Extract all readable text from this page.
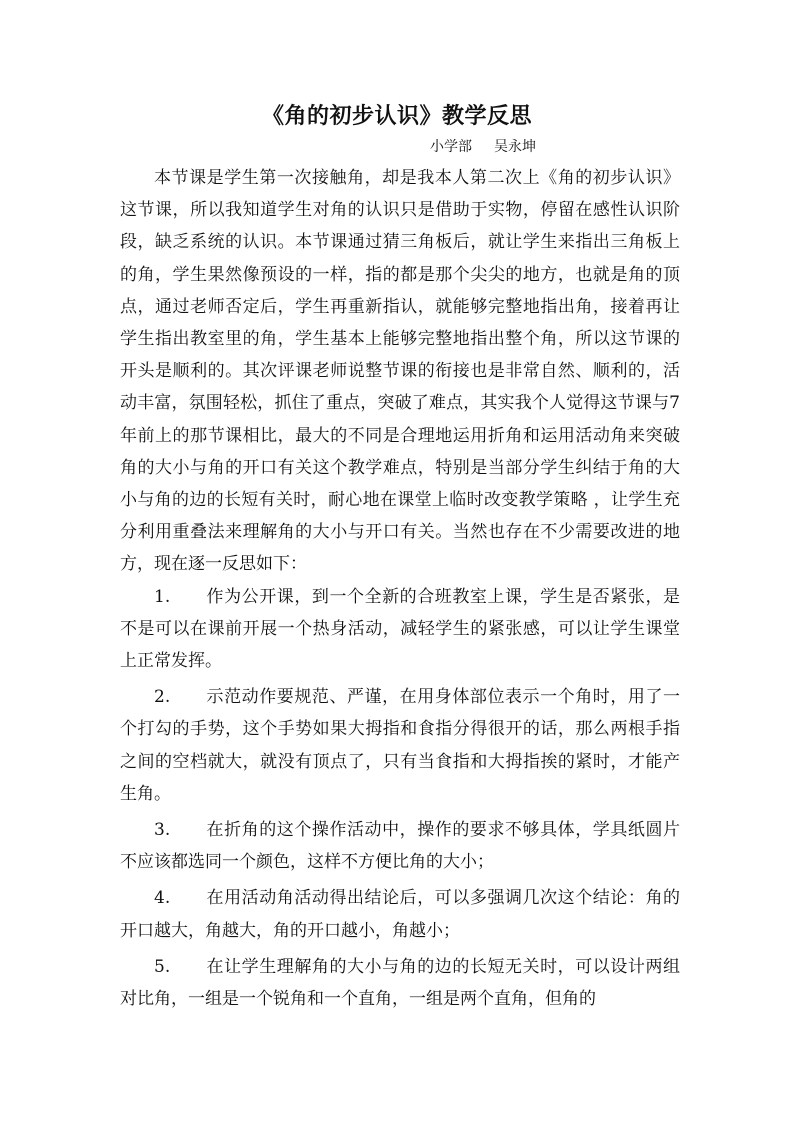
《角的初步认识》教学反思
小学部 吴永坤

本节课是学生第一次接触角，却是我本人第二次上《角的初步认识》这节课，所以我知道学生对角的认识只是借助于实物，停留在感性认识阶段，缺乏系统的认识。本节课通过猜三角板后，就让学生来指出三角板上的角，学生果然像预设的一样，指的都是那个尖尖的地方，也就是角的顶点，通过老师否定后，学生再重新指认，就能够完整地指出角，接着再让学生指出教室里的角，学生基本上能够完整地指出整个角，所以这节课的开头是顺利的。其次评课老师说整节课的衔接也是非常自然、顺利的，活动丰富，氛围轻松，抓住了重点，突破了难点，其实我个人觉得这节课与7年前上的那节课相比，最大的不同是合理地运用折角和运用活动角来突破角的大小与角的开口有关这个教学难点，特别是当部分学生纠结于角的大小与角的边的长短有关时，耐心地在课堂上临时改变教学策略 ，让学生充分利用重叠法来理解角的大小与开口有关。当然也存在不少需要改进的地方，现在逐一反思如下：

1. 作为公开课，到一个全新的合班教室上课，学生是否紧张，是不是可以在课前开展一个热身活动，减轻学生的紧张感，可以让学生课堂上正常发挥。

2. 示范动作要规范、严谨，在用身体部位表示一个角时，用了一个打勾的手势，这个手势如果大拇指和食指分得很开的话，那么两根手指之间的空档就大，就没有顶点了，只有当食指和大拇指挨的紧时，才能产生角。

3. 在折角的这个操作活动中，操作的要求不够具体，学具纸圆片不应该都选同一个颜色，这样不方便比角的大小；

4. 在用活动角活动得出结论后，可以多强调几次这个结论：角的开口越大，角越大，角的开口越小，角越小；

5. 在让学生理解角的大小与角的边的长短无关时，可以设计两组对比角，一组是一个锐角和一个直角，一组是两个直角，但角的
